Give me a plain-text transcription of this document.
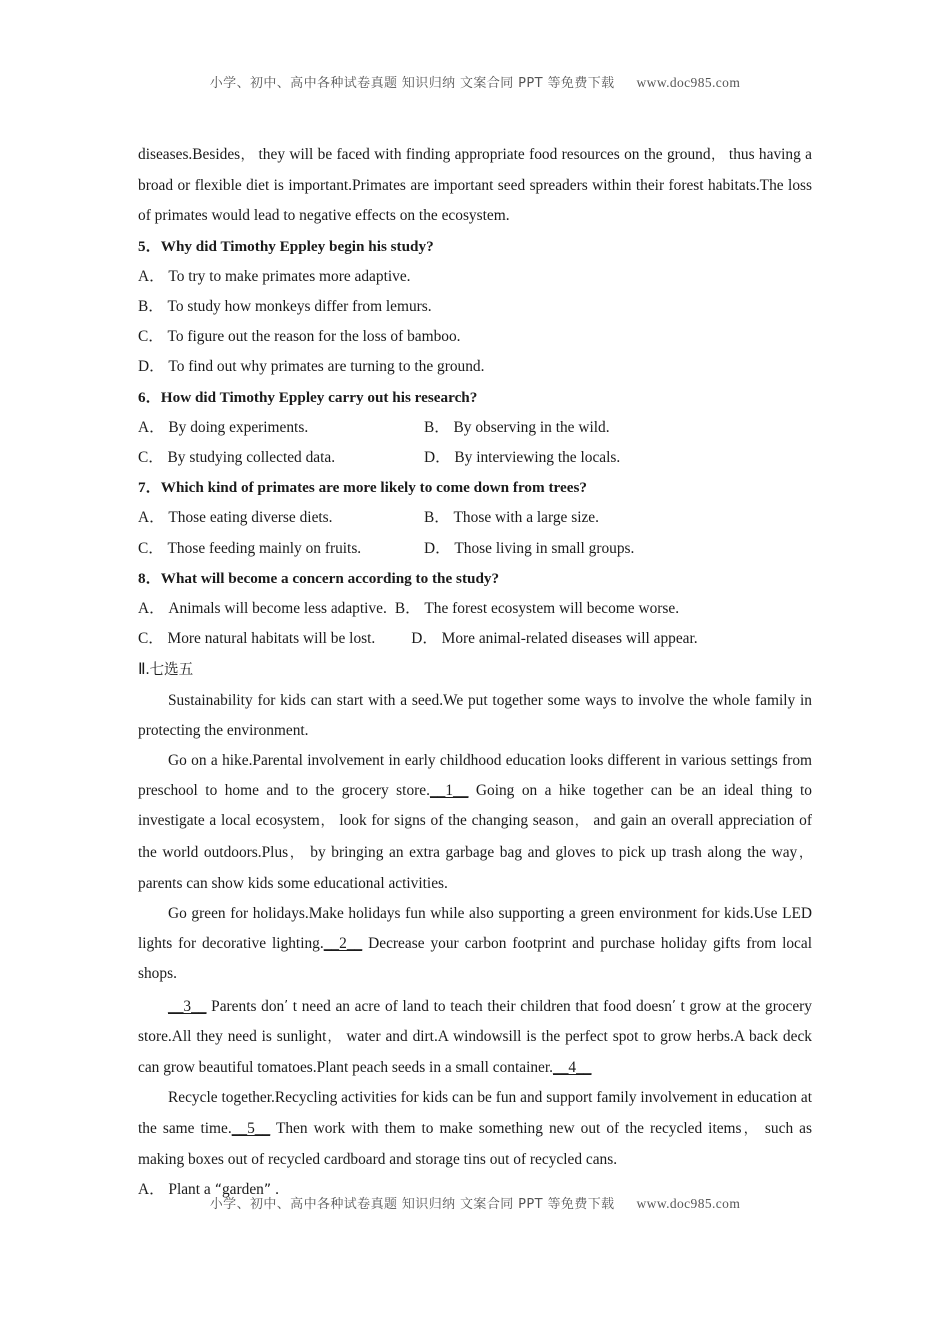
小学、初中、高中各种试卷真题 知识归纳 文案合同 PPT 等免费下载 www.doc985.com

diseases.Besides， they will be faced with finding appropriate food resources on the ground， thus having a broad or flexible diet is important.Primates are important seed spreaders within their forest habitats.The loss of primates would lead to negative effects on the ecosystem.

5．Why did Timothy Eppley begin his study?

A． To try to make primates more adaptive.

B． To study how monkeys differ from lemurs.

C． To figure out the reason for the loss of bamboo.

D． To find out why primates are turning to the ground.

6．How did Timothy Eppley carry out his research?

A． By doing experiments.	B． By observing in the wild.

C． By studying collected data.	D． By interviewing the locals.

7．Which kind of primates are more likely to come down from trees?

A． Those eating diverse diets.	B． Those with a large size.

C． Those feeding mainly on fruits.	D． Those living in small groups.

8．What will become a concern according to the study?

A． Animals will become less adaptive. B． The forest ecosystem will become worse.

C． More natural habitats will be lost. D． More animal-related diseases will appear.

Ⅱ.七选五

Sustainability for kids can start with a seed.We put together some ways to involve the whole family in protecting the environment.

Go on a hike.Parental involvement in early childhood education looks different in various settings from preschool to home and to the grocery store.__1__ Going on a hike together can be an ideal thing to investigate a local ecosystem， look for signs of the changing season， and gain an overall appreciation of the world outdoors.Plus， by bringing an extra garbage bag and gloves to pick up trash along the way， parents can show kids some educational activities.

Go green for holidays.Make holidays fun while also supporting a green environment for kids.Use LED lights for decorative lighting.__2__ Decrease your carbon footprint and purchase holiday gifts from local shops.

__3__ Parents don’ t need an acre of land to teach their children that food doesn’ t grow at the grocery store.All they need is sunlight， water and dirt.A windowsill is the perfect spot to grow herbs.A back deck can grow beautiful tomatoes.Plant peach seeds in a small container.__4__

Recycle together.Recycling activities for kids can be fun and support family involvement in education at the same time.__5__ Then work with them to make something new out of the recycled items， such as making boxes out of recycled cardboard and storage tins out of recycled cans.

A． Plant a “garden” .

小学、初中、高中各种试卷真题 知识归纳 文案合同 PPT 等免费下载 www.doc985.com
